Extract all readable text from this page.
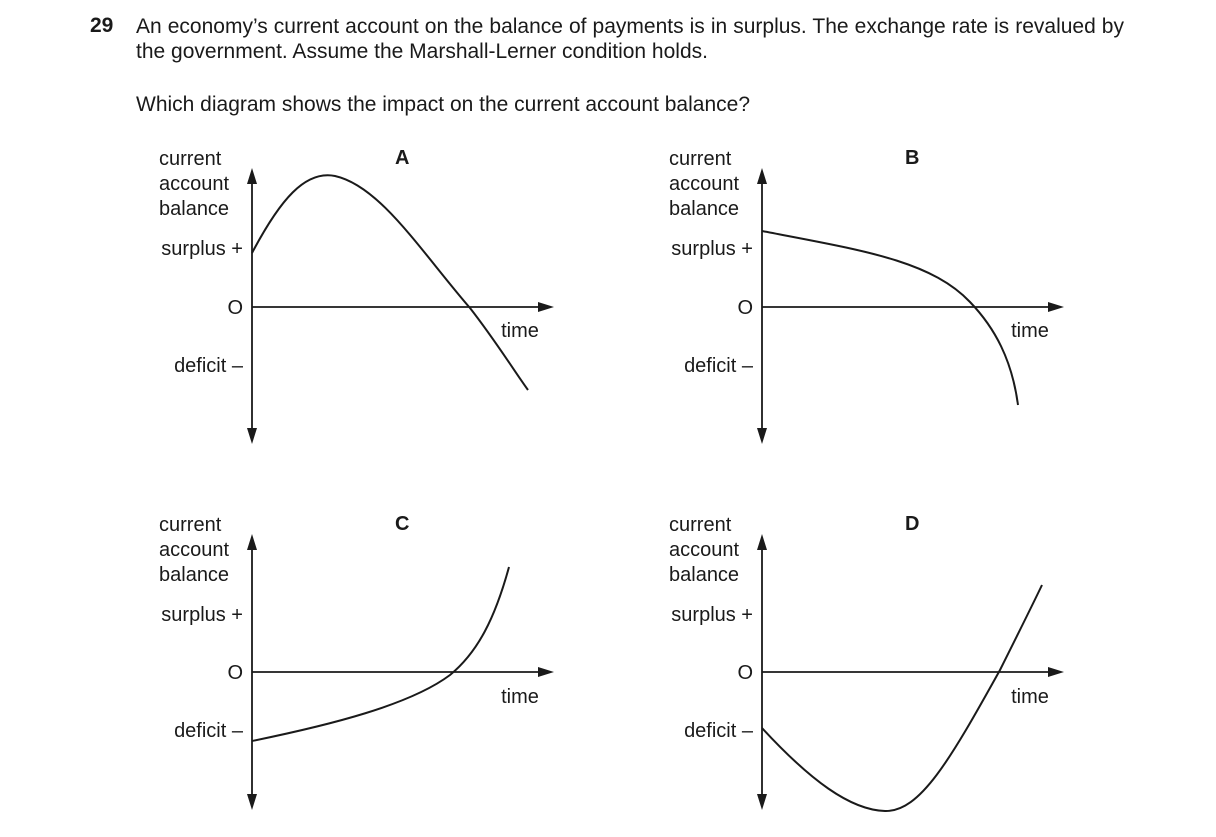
29 An economy’s current account on the balance of payments is in surplus. The exchange rate is revalued by the government. Assume the Marshall-Lerner condition holds.

Which diagram shows the impact on the current account balance?

A
current
account
balance
surplus +
O
deficit –
time
B
current
account
balance
surplus +
O
deficit –
time
C
current
account
balance
surplus +
O
deficit –
time
D
current
account
balance
surplus +
O
deficit –
time
